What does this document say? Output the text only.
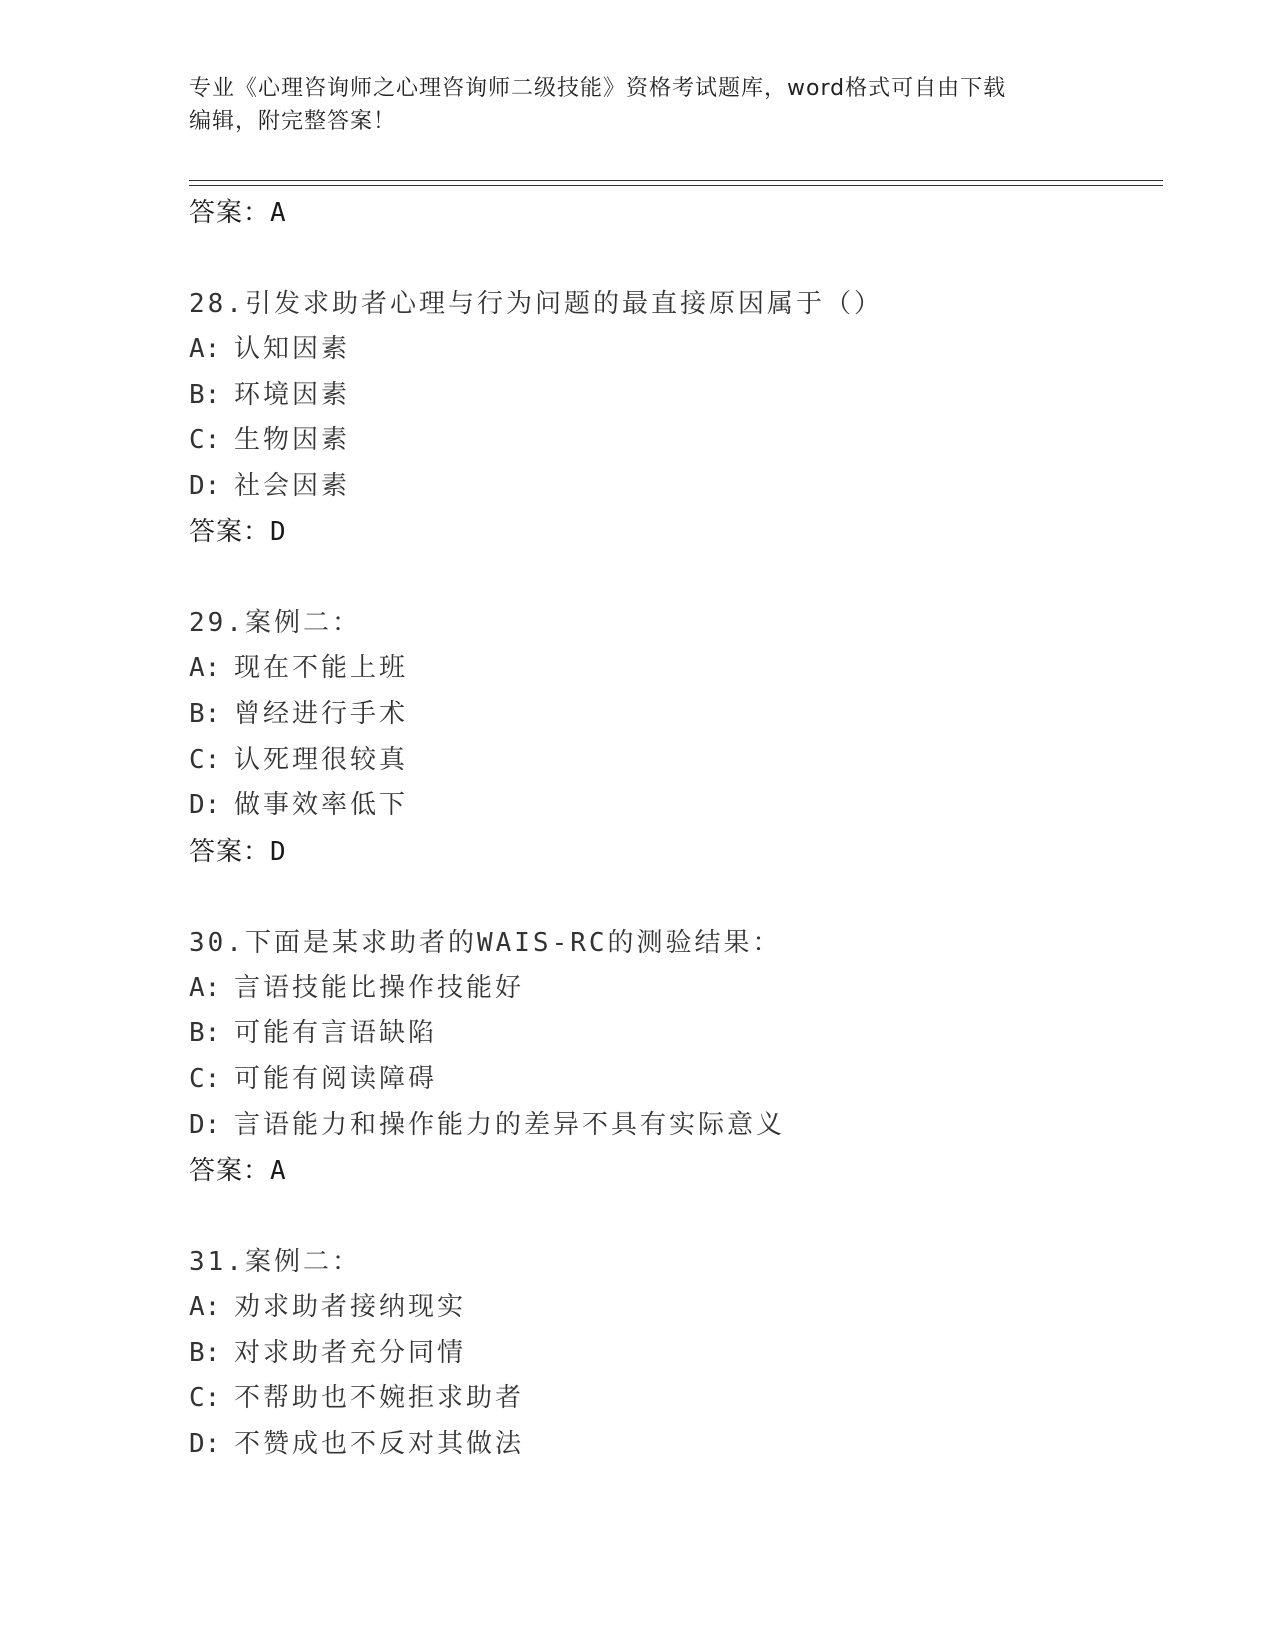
专业《心理咨询师之心理咨询师二级技能》资格考试题库，word格式可自由下载
编辑，附完整答案！
答案：A
28.引发求助者心理与行为问题的最直接原因属于（）
A: 认知因素
B: 环境因素
C: 生物因素
D: 社会因素
答案：D
29.案例二：
A: 现在不能上班
B: 曾经进行手术
C: 认死理很较真
D: 做事效率低下
答案：D
30.下面是某求助者的WAIS-RC的测验结果：
A: 言语技能比操作技能好
B: 可能有言语缺陷
C: 可能有阅读障碍
D: 言语能力和操作能力的差异不具有实际意义
答案：A
31.案例二：
A: 劝求助者接纳现实
B: 对求助者充分同情
C: 不帮助也不婉拒求助者
D: 不赞成也不反对其做法
